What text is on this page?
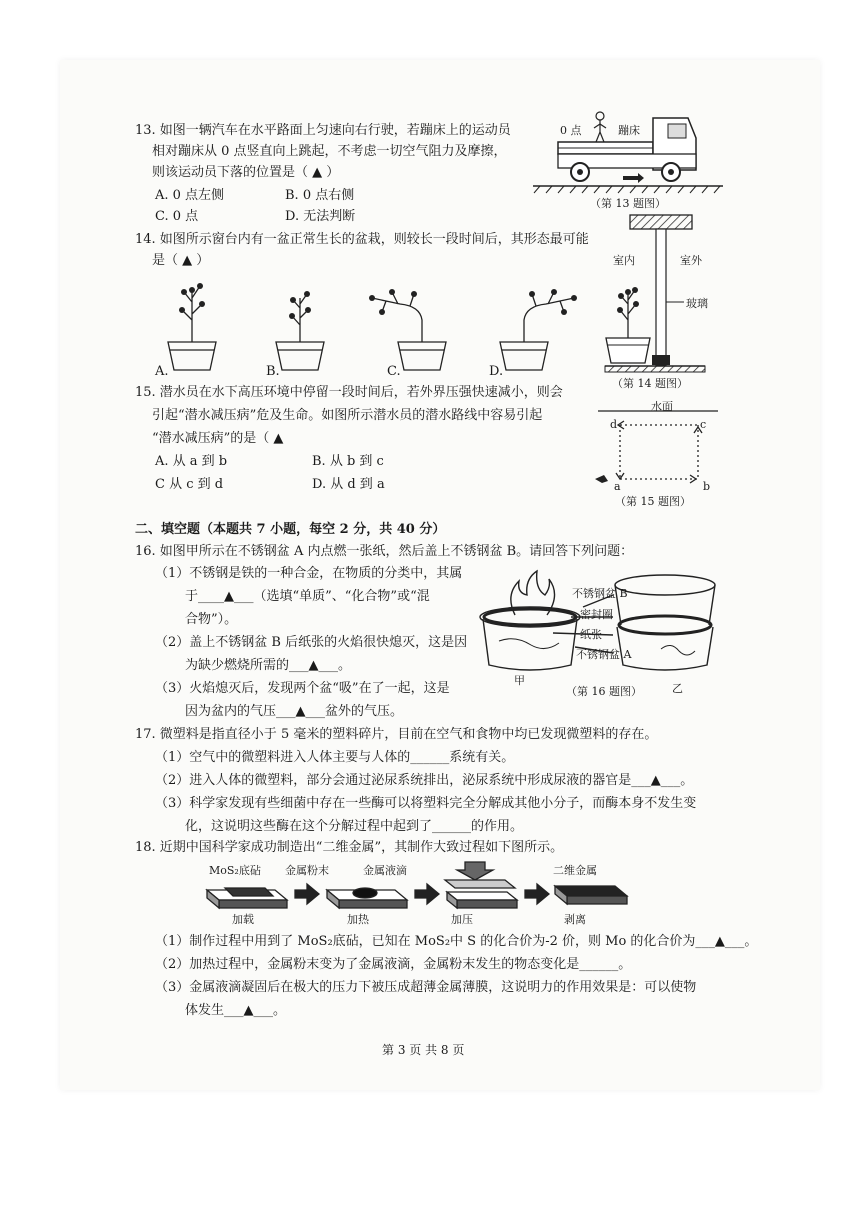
13. 如图一辆汽车在水平路面上匀速向右行驶，若蹦床上的运动员
相对蹦床从 0 点竖直向上跳起，不考虑一切空气阻力及摩擦，
则该运动员下落的位置是（ ▲ ）
A. 0 点左侧	B. 0 点右侧
C. 0 点	D. 无法判断
0 点	蹦床
（第 13 题图）
14. 如图所示窗台内有一盆正常生长的盆栽，则较长一段时间后，其形态最可能
是（ ▲ ）
A.	B.	C.	D.
室内	室外
玻璃
（第 14 题图）
15. 潜水员在水下高压环境中停留一段时间后，若外界压强快速减小，则会
引起“潜水减压病”危及生命。如图所示潜水员的潜水路线中容易引起
“潜水减压病”的是（ ▲
A. 从 a 到 b	B. 从 b 到 c
C 从 c 到 d	D. 从 d 到 a
水面
d	c
a	b
（第 15 题图）
二、填空题（本题共 7 小题，每空 2 分，共 40 分）
16. 如图甲所示在不锈钢盆 A 内点燃一张纸，然后盖上不锈钢盆 B。请回答下列问题：
（1）不锈钢是铁的一种合金，在物质的分类中，其属
于____▲___（选填“单质”、“化合物”或“混
合物”）。
（2）盖上不锈钢盆 B 后纸张的火焰很快熄灭，这是因
为缺少燃烧所需的___▲___。
（3）火焰熄灭后，发现两个盆“吸”在了一起，这是
因为盆内的气压___▲___盆外的气压。
不锈钢盆 B
密封圈
纸张
不锈钢盆 A
甲
乙
（第 16 题图）
17. 微塑料是指直径小于 5 毫米的塑料碎片，目前在空气和食物中均已发现微塑料的存在。
（1）空气中的微塑料进入人体主要与人体的______系统有关。
（2）进入人体的微塑料，部分会通过泌尿系统排出，泌尿系统中形成尿液的器官是___▲___。
（3）科学家发现有些细菌中存在一些酶可以将塑料完全分解成其他小分子，而酶本身不发生变
化，这说明这些酶在这个分解过程中起到了______的作用。
18. 近期中国科学家成功制造出“二维金属”，其制作大致过程如下图所示。
MoS₂底砧 金属粉末	金属液滴	二维金属
加载	加热	加压	剥离
（1）制作过程中用到了 MoS₂底砧，已知在 MoS₂中 S 的化合价为-2 价，则 Mo 的化合价为___▲___。
（2）加热过程中，金属粉末变为了金属液滴，金属粉末发生的物态变化是______。
（3）金属液滴凝固后在极大的压力下被压成超薄金属薄膜，这说明力的作用效果是：可以使物
体发生___▲___。
第 3 页 共 8 页
